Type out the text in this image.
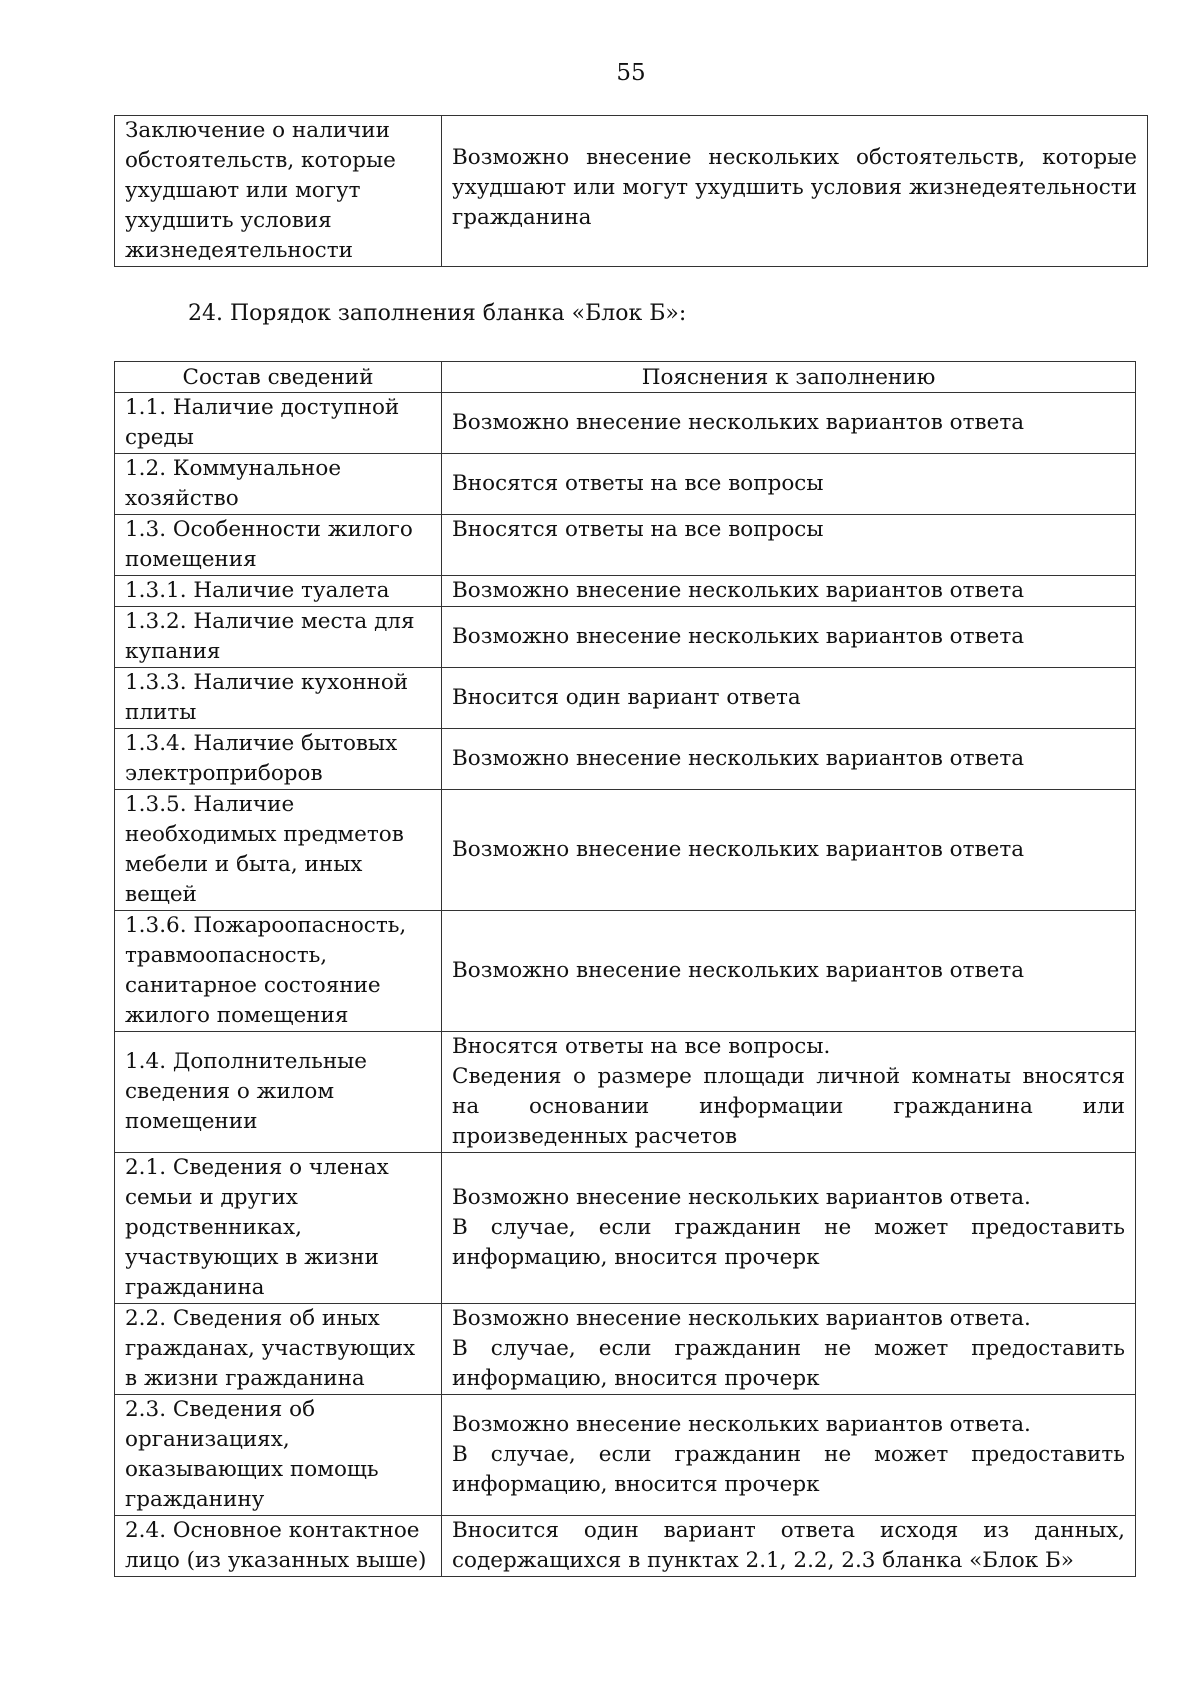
55
Заключение о наличии обстоятельств, которые ухудшают или могут ухудшить условия жизнедеятельности	Возможно внесение нескольких обстоятельств, которые ухудшают или могут ухудшить условия жизнедеятельности гражданина
24. Порядок заполнения бланка «Блок Б»:
Состав сведений	Пояснения к заполнению
1.1. Наличие доступной среды	Возможно внесение нескольких вариантов ответа
1.2. Коммунальное хозяйство	Вносятся ответы на все вопросы
1.3. Особенности жилого помещения	Вносятся ответы на все вопросы
1.3.1. Наличие туалета	Возможно внесение нескольких вариантов ответа
1.3.2. Наличие места для купания	Возможно внесение нескольких вариантов ответа
1.3.3. Наличие кухонной плиты	Вносится один вариант ответа
1.3.4. Наличие бытовых электроприборов	Возможно внесение нескольких вариантов ответа
1.3.5. Наличие необходимых предметов мебели и быта, иных вещей	Возможно внесение нескольких вариантов ответа
1.3.6. Пожароопасность, травмоопасность, санитарное состояние жилого помещения	Возможно внесение нескольких вариантов ответа
1.4. Дополнительные сведения о жилом помещении	Вносятся ответы на все вопросы.
Сведения о размере площади личной комнаты вносятся на основании информации гражданина или произведенных расчетов

2.1. Сведения о членах семьи и других родственниках, участвующих в жизни гражданина	Возможно внесение нескольких вариантов ответа.
В случае, если гражданин не может предоставить информацию, вносится прочерк

2.2. Сведения об иных гражданах, участвующих в жизни гражданина	Возможно внесение нескольких вариантов ответа.
В случае, если гражданин не может предоставить информацию, вносится прочерк

2.3. Сведения об организациях, оказывающих помощь гражданину	Возможно внесение нескольких вариантов ответа.
В случае, если гражданин не может предоставить информацию, вносится прочерк

2.4. Основное контактное лицо (из указанных выше)	Вносится один вариант ответа исходя из данных, содержащихся в пунктах 2.1, 2.2, 2.3 бланка «Блок Б»
